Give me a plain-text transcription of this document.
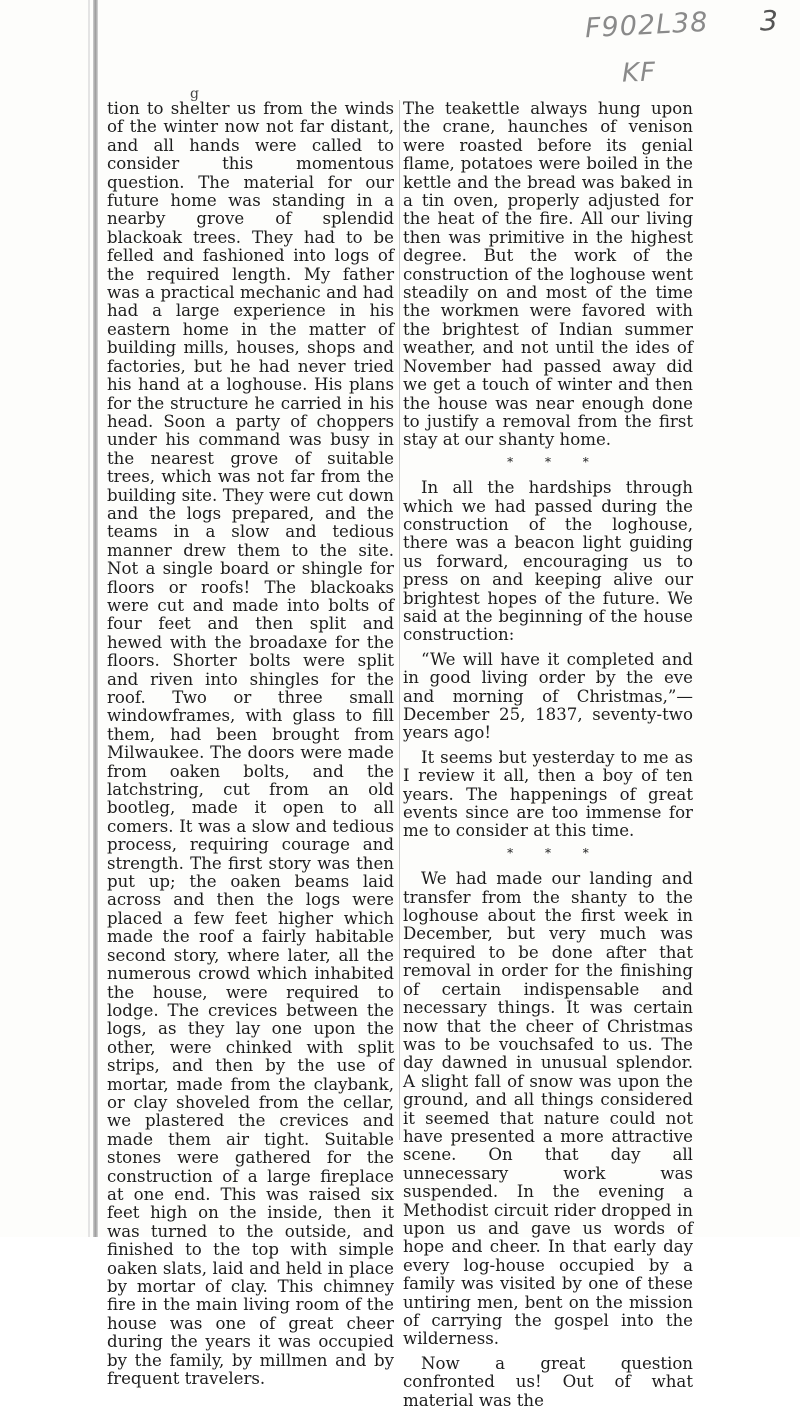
F902L38
KF
3
g

tion to shelter us from the winds of the winter now not far distant, and all hands were called to consider this momentous question. The material for our future home was standing in a nearby grove of splendid blackoak trees. They had to be felled and fashioned into logs of the required length. My father was a practical mechanic and had had a large experience in his eastern home in the matter of building mills, houses, shops and factories, but he had never tried his hand at a loghouse. His plans for the structure he carried in his head. Soon a party of choppers under his command was busy in the nearest grove of suitable trees, which was not far from the building site. They were cut down and the logs prepared, and the teams in a slow and tedious manner drew them to the site. Not a single board or shingle for floors or roofs! The blackoaks were cut and made into bolts of four feet and then split and hewed with the broadaxe for the floors. Shorter bolts were split and riven into shingles for the roof. Two or three small windowframes, with glass to fill them, had been brought from Milwaukee. The doors were made from oaken bolts, and the latchstring, cut from an old bootleg, made it open to all comers. It was a slow and tedious process, requiring courage and strength. The first story was then put up; the oaken beams laid across and then the logs were placed a few feet higher which made the roof a fairly habitable second story, where later, all the numerous crowd which inhabited the house, were required to lodge. The crevices between the logs, as they lay one upon the other, were chinked with split strips, and then by the use of mortar, made from the claybank, or clay shoveled from the cellar, we plastered the crevices and made them air tight. Suitable stones were gathered for the construction of a large fireplace at one end. This was raised six feet high on the inside, then it was turned to the outside, and finished to the top with simple oaken slats, laid and held in place by mortar of clay. This chimney fire in the main living room of the house was one of great cheer during the years it was occupied by the family, by millmen and by frequent travelers.

The teakettle always hung upon the crane, haunches of venison were roasted before its genial flame, potatoes were boiled in the kettle and the bread was baked in a tin oven, properly adjusted for the heat of the fire. All our living then was primitive in the highest degree. But the work of the construction of the loghouse went steadily on and most of the time the workmen were favored with the brightest of Indian summer weather, and not until the ides of November had passed away did we get a touch of winter and then the house was near enough done to justify a removal from the first stay at our shanty home.

* * *

In all the hardships through which we had passed during the construction of the loghouse, there was a beacon light guiding us forward, encouraging us to press on and keeping alive our brightest hopes of the future. We said at the beginning of the house construction:

“We will have it completed and in good living order by the eve and morning of Christmas,”—December 25, 1837, seventy-two years ago!

It seems but yesterday to me as I review it all, then a boy of ten years. The happenings of great events since are too immense for me to consider at this time.

* * *

We had made our landing and transfer from the shanty to the loghouse about the first week in December, but very much was required to be done after that removal in order for the finishing of certain indispensable and necessary things. It was certain now that the cheer of Christmas was to be vouchsafed to us. The day dawned in unusual splendor. A slight fall of snow was upon the ground, and all things considered it seemed that nature could not have presented a more attractive scene. On that day all unnecessary work was suspended. In the evening a Methodist circuit rider dropped in upon us and gave us words of hope and cheer. In that early day every log-house occupied by a family was visited by one of these untiring men, bent on the mission of carrying the gospel into the wilderness.

Now a great question confronted us! Out of what material was the
